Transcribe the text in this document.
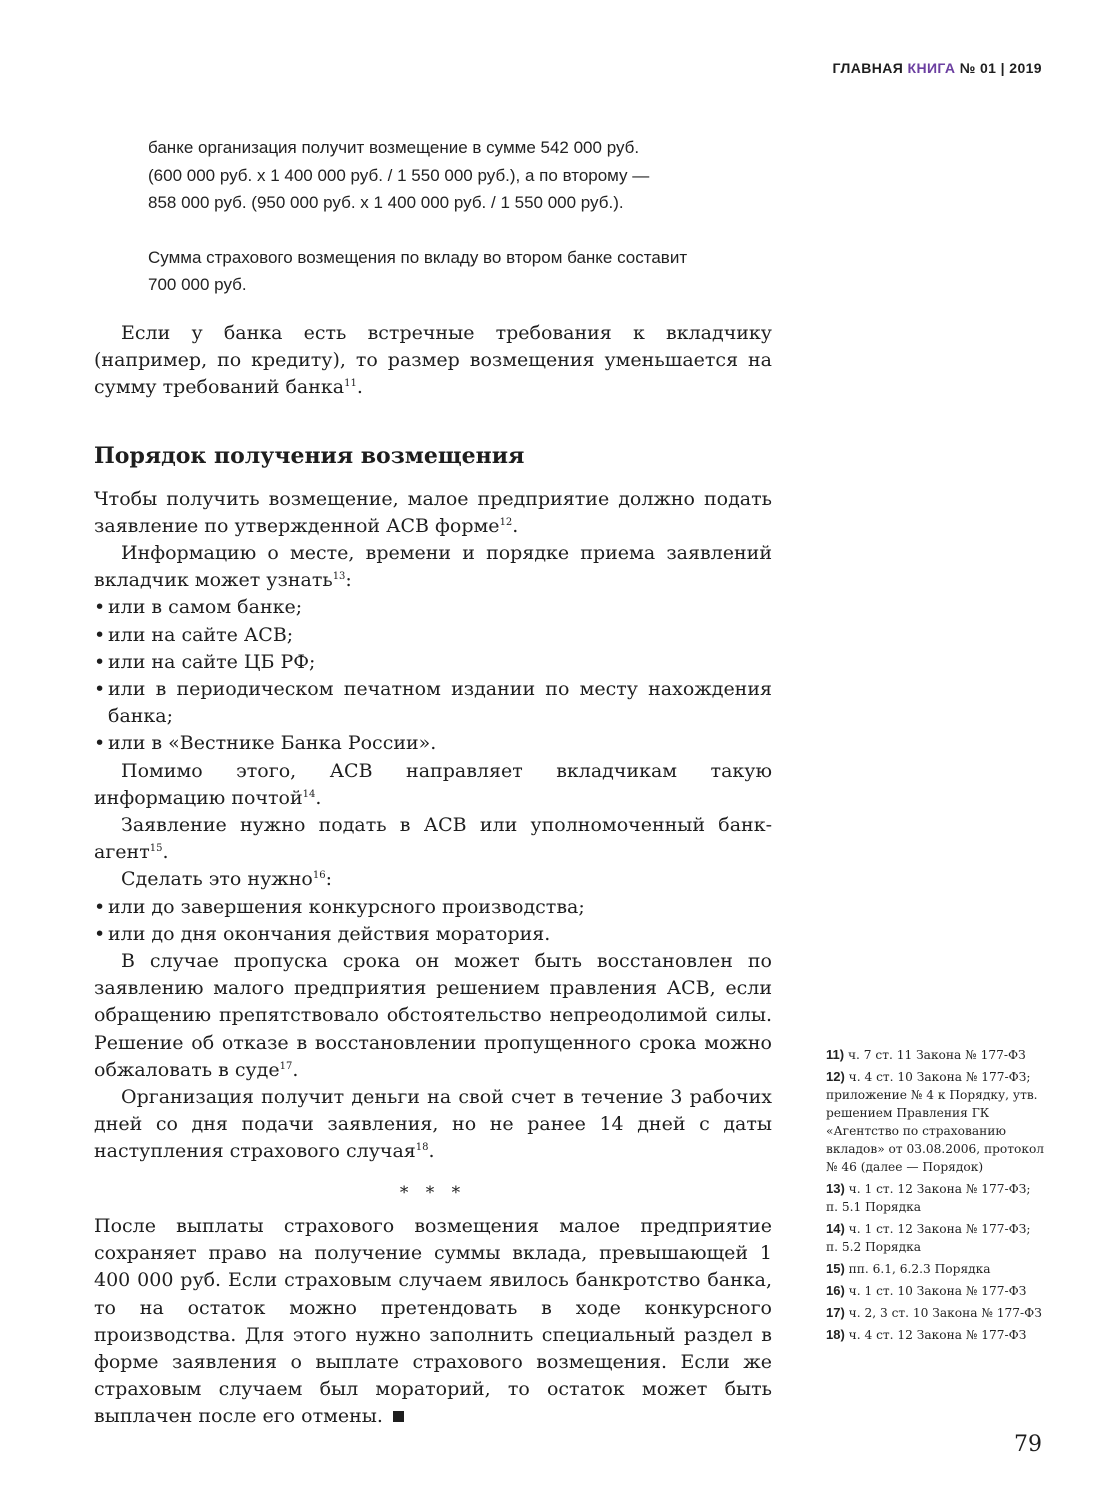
ГЛАВНАЯ КНИГА № 01 | 2019

банке организация получит возмещение в сумме 542 000 руб.
(600 000 руб. х 1 400 000 руб. / 1 550 000 руб.), а по второму —
858 000 руб. (950 000 руб. х 1 400 000 руб. / 1 550 000 руб.).

Сумма страхового возмещения по вкладу во втором банке составит
700 000 руб.

Если у банка есть встречные требования к вкладчику (например, по кредиту), то размер возмещения уменьшается на сумму требований банка$^{11}$.

Порядок получения возмещения

Чтобы получить возмещение, малое предприятие должно подать заявление по утвержденной АСВ форме$^{12}$.

Информацию о месте, времени и порядке приема заявлений вкладчик может узнать$^{13}$:

• или в самом банке;
• или на сайте АСВ;
• или на сайте ЦБ РФ;
• или в периодическом печатном издании по месту нахождения банка;
• или в «Вестнике Банка России».

Помимо этого, АСВ направляет вкладчикам такую информацию почтой$^{14}$.

Заявление нужно подать в АСВ или уполномоченный банк-агент$^{15}$.

Сделать это нужно$^{16}$:

• или до завершения конкурсного производства;
• или до дня окончания действия моратория.

В случае пропуска срока он может быть восстановлен по заявлению малого предприятия решением правления АСВ, если обращению препятствовало обстоятельство непреодолимой силы. Решение об отказе в восстановлении пропущенного срока можно обжаловать в суде$^{17}$.

Организация получит деньги на свой счет в течение 3 рабочих дней со дня подачи заявления, но не ранее 14 дней с даты наступления страхового случая$^{18}$.

* * *

После выплаты страхового возмещения малое предприятие сохраняет право на получение суммы вклада, превышающей 1 400 000 руб. Если страховым случаем явилось банкротство банка, то на остаток можно претендовать в ходе конкурсного производства. Для этого нужно заполнить специальный раздел в форме заявления о выплате страхового возмещения. Если же страховым случаем был мораторий, то остаток может быть выплачен после его отмены.

11) ч. 7 ст. 11 Закона № 177-ФЗ
12) ч. 4 ст. 10 Закона № 177-ФЗ; приложение № 4 к Порядку, утв. решением Правления ГК «Агентство по страхованию вкладов» от 03.08.2006, протокол № 46 (далее — Порядок)
13) ч. 1 ст. 12 Закона № 177-ФЗ; п. 5.1 Порядка
14) ч. 1 ст. 12 Закона № 177-ФЗ; п. 5.2 Порядка
15) пп. 6.1, 6.2.3 Порядка
16) ч. 1 ст. 10 Закона № 177-ФЗ
17) ч. 2, 3 ст. 10 Закона № 177-ФЗ
18) ч. 4 ст. 12 Закона № 177-ФЗ
79
